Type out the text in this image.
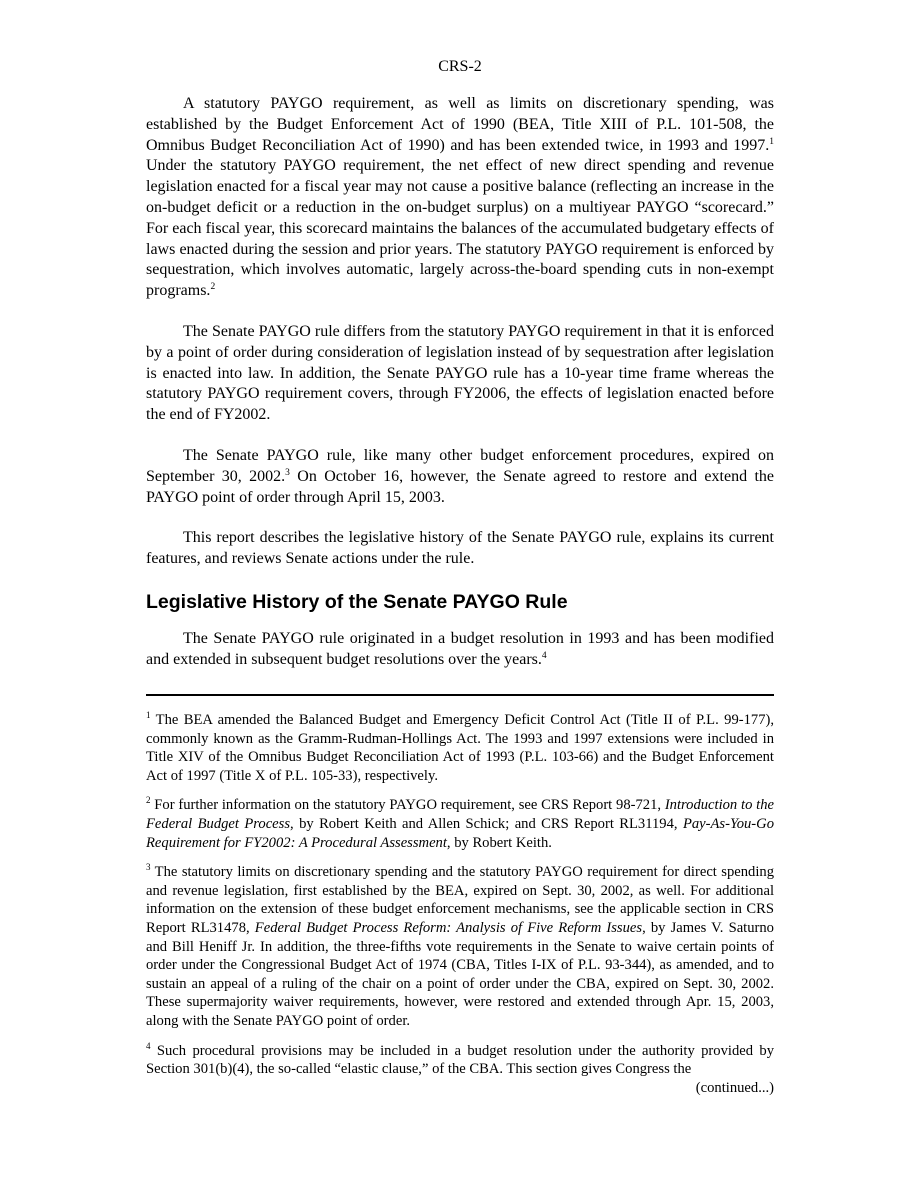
CRS-2

A statutory PAYGO requirement, as well as limits on discretionary spending, was established by the Budget Enforcement Act of 1990 (BEA, Title XIII of P.L. 101-508, the Omnibus Budget Reconciliation Act of 1990) and has been extended twice, in 1993 and 1997.$^1$ Under the statutory PAYGO requirement, the net effect of new direct spending and revenue legislation enacted for a fiscal year may not cause a positive balance (reflecting an increase in the on-budget deficit or a reduction in the on-budget surplus) on a multiyear PAYGO “scorecard.” For each fiscal year, this scorecard maintains the balances of the accumulated budgetary effects of laws enacted during the session and prior years. The statutory PAYGO requirement is enforced by sequestration, which involves automatic, largely across-the-board spending cuts in non-exempt programs.$^2$

The Senate PAYGO rule differs from the statutory PAYGO requirement in that it is enforced by a point of order during consideration of legislation instead of by sequestration after legislation is enacted into law. In addition, the Senate PAYGO rule has a 10-year time frame whereas the statutory PAYGO requirement covers, through FY2006, the effects of legislation enacted before the end of FY2002.

The Senate PAYGO rule, like many other budget enforcement procedures, expired on September 30, 2002.$^3$ On October 16, however, the Senate agreed to restore and extend the PAYGO point of order through April 15, 2003.

This report describes the legislative history of the Senate PAYGO rule, explains its current features, and reviews Senate actions under the rule.

Legislative History of the Senate PAYGO Rule

The Senate PAYGO rule originated in a budget resolution in 1993 and has been modified and extended in subsequent budget resolutions over the years.$^4$

$^1$ The BEA amended the Balanced Budget and Emergency Deficit Control Act (Title II of P.L. 99-177), commonly known as the Gramm-Rudman-Hollings Act. The 1993 and 1997 extensions were included in Title XIV of the Omnibus Budget Reconciliation Act of 1993 (P.L. 103-66) and the Budget Enforcement Act of 1997 (Title X of P.L. 105-33), respectively.

$^2$ For further information on the statutory PAYGO requirement, see CRS Report 98-721, Introduction to the Federal Budget Process, by Robert Keith and Allen Schick; and CRS Report RL31194, Pay-As-You-Go Requirement for FY2002: A Procedural Assessment, by Robert Keith.

$^3$ The statutory limits on discretionary spending and the statutory PAYGO requirement for direct spending and revenue legislation, first established by the BEA, expired on Sept. 30, 2002, as well. For additional information on the extension of these budget enforcement mechanisms, see the applicable section in CRS Report RL31478, Federal Budget Process Reform: Analysis of Five Reform Issues, by James V. Saturno and Bill Heniff Jr. In addition, the three-fifths vote requirements in the Senate to waive certain points of order under the Congressional Budget Act of 1974 (CBA, Titles I-IX of P.L. 93-344), as amended, and to sustain an appeal of a ruling of the chair on a point of order under the CBA, expired on Sept. 30, 2002. These supermajority waiver requirements, however, were restored and extended through Apr. 15, 2003, along with the Senate PAYGO point of order.

$^4$ Such procedural provisions may be included in a budget resolution under the authority provided by Section 301(b)(4), the so-called “elastic clause,” of the CBA. This section gives Congress the

(continued...)
